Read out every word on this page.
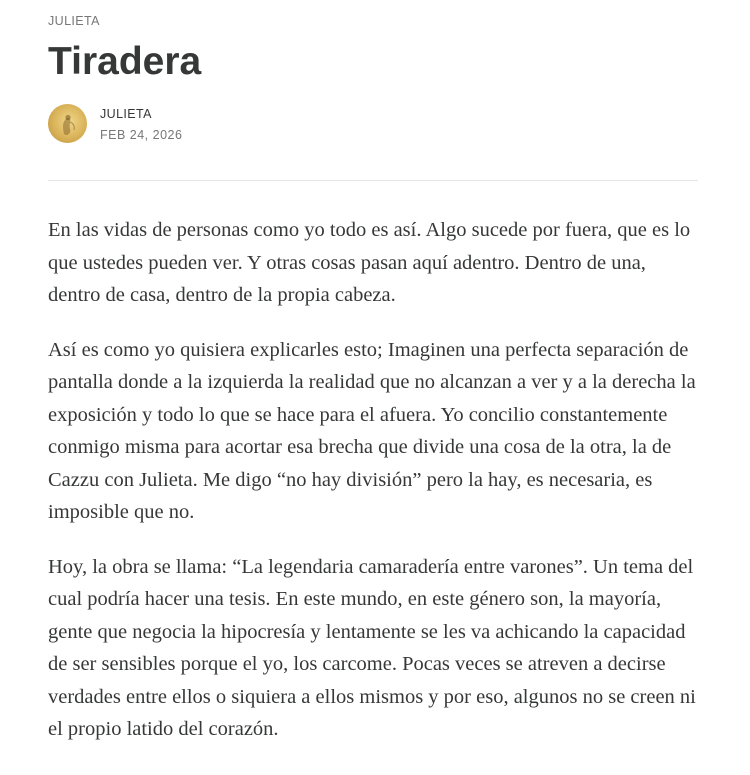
JULIETA
Tiradera
JULIETA
FEB 24, 2026

En las vidas de personas como yo todo es así. Algo sucede por fuera, que es lo que ustedes pueden ver. Y otras cosas pasan aquí adentro. Dentro de una, dentro de casa, dentro de la propia cabeza.

Así es como yo quisiera explicarles esto; Imaginen una perfecta separación de pantalla donde a la izquierda la realidad que no alcanzan a ver y a la derecha la exposición y todo lo que se hace para el afuera. Yo concilio constantemente conmigo misma para acortar esa brecha que divide una cosa de la otra, la de Cazzu con Julieta. Me digo “no hay división” pero la hay, es necesaria, es imposible que no.

Hoy, la obra se llama: “La legendaria camaradería entre varones”. Un tema del cual podría hacer una tesis. En este mundo, en este género son, la mayoría, gente que negocia la hipocresía y lentamente se les va achicando la capacidad de ser sensibles porque el yo, los carcome. Pocas veces se atreven a decirse verdades entre ellos o siquiera a ellos mismos y por eso, algunos no se creen ni el propio latido del corazón.
